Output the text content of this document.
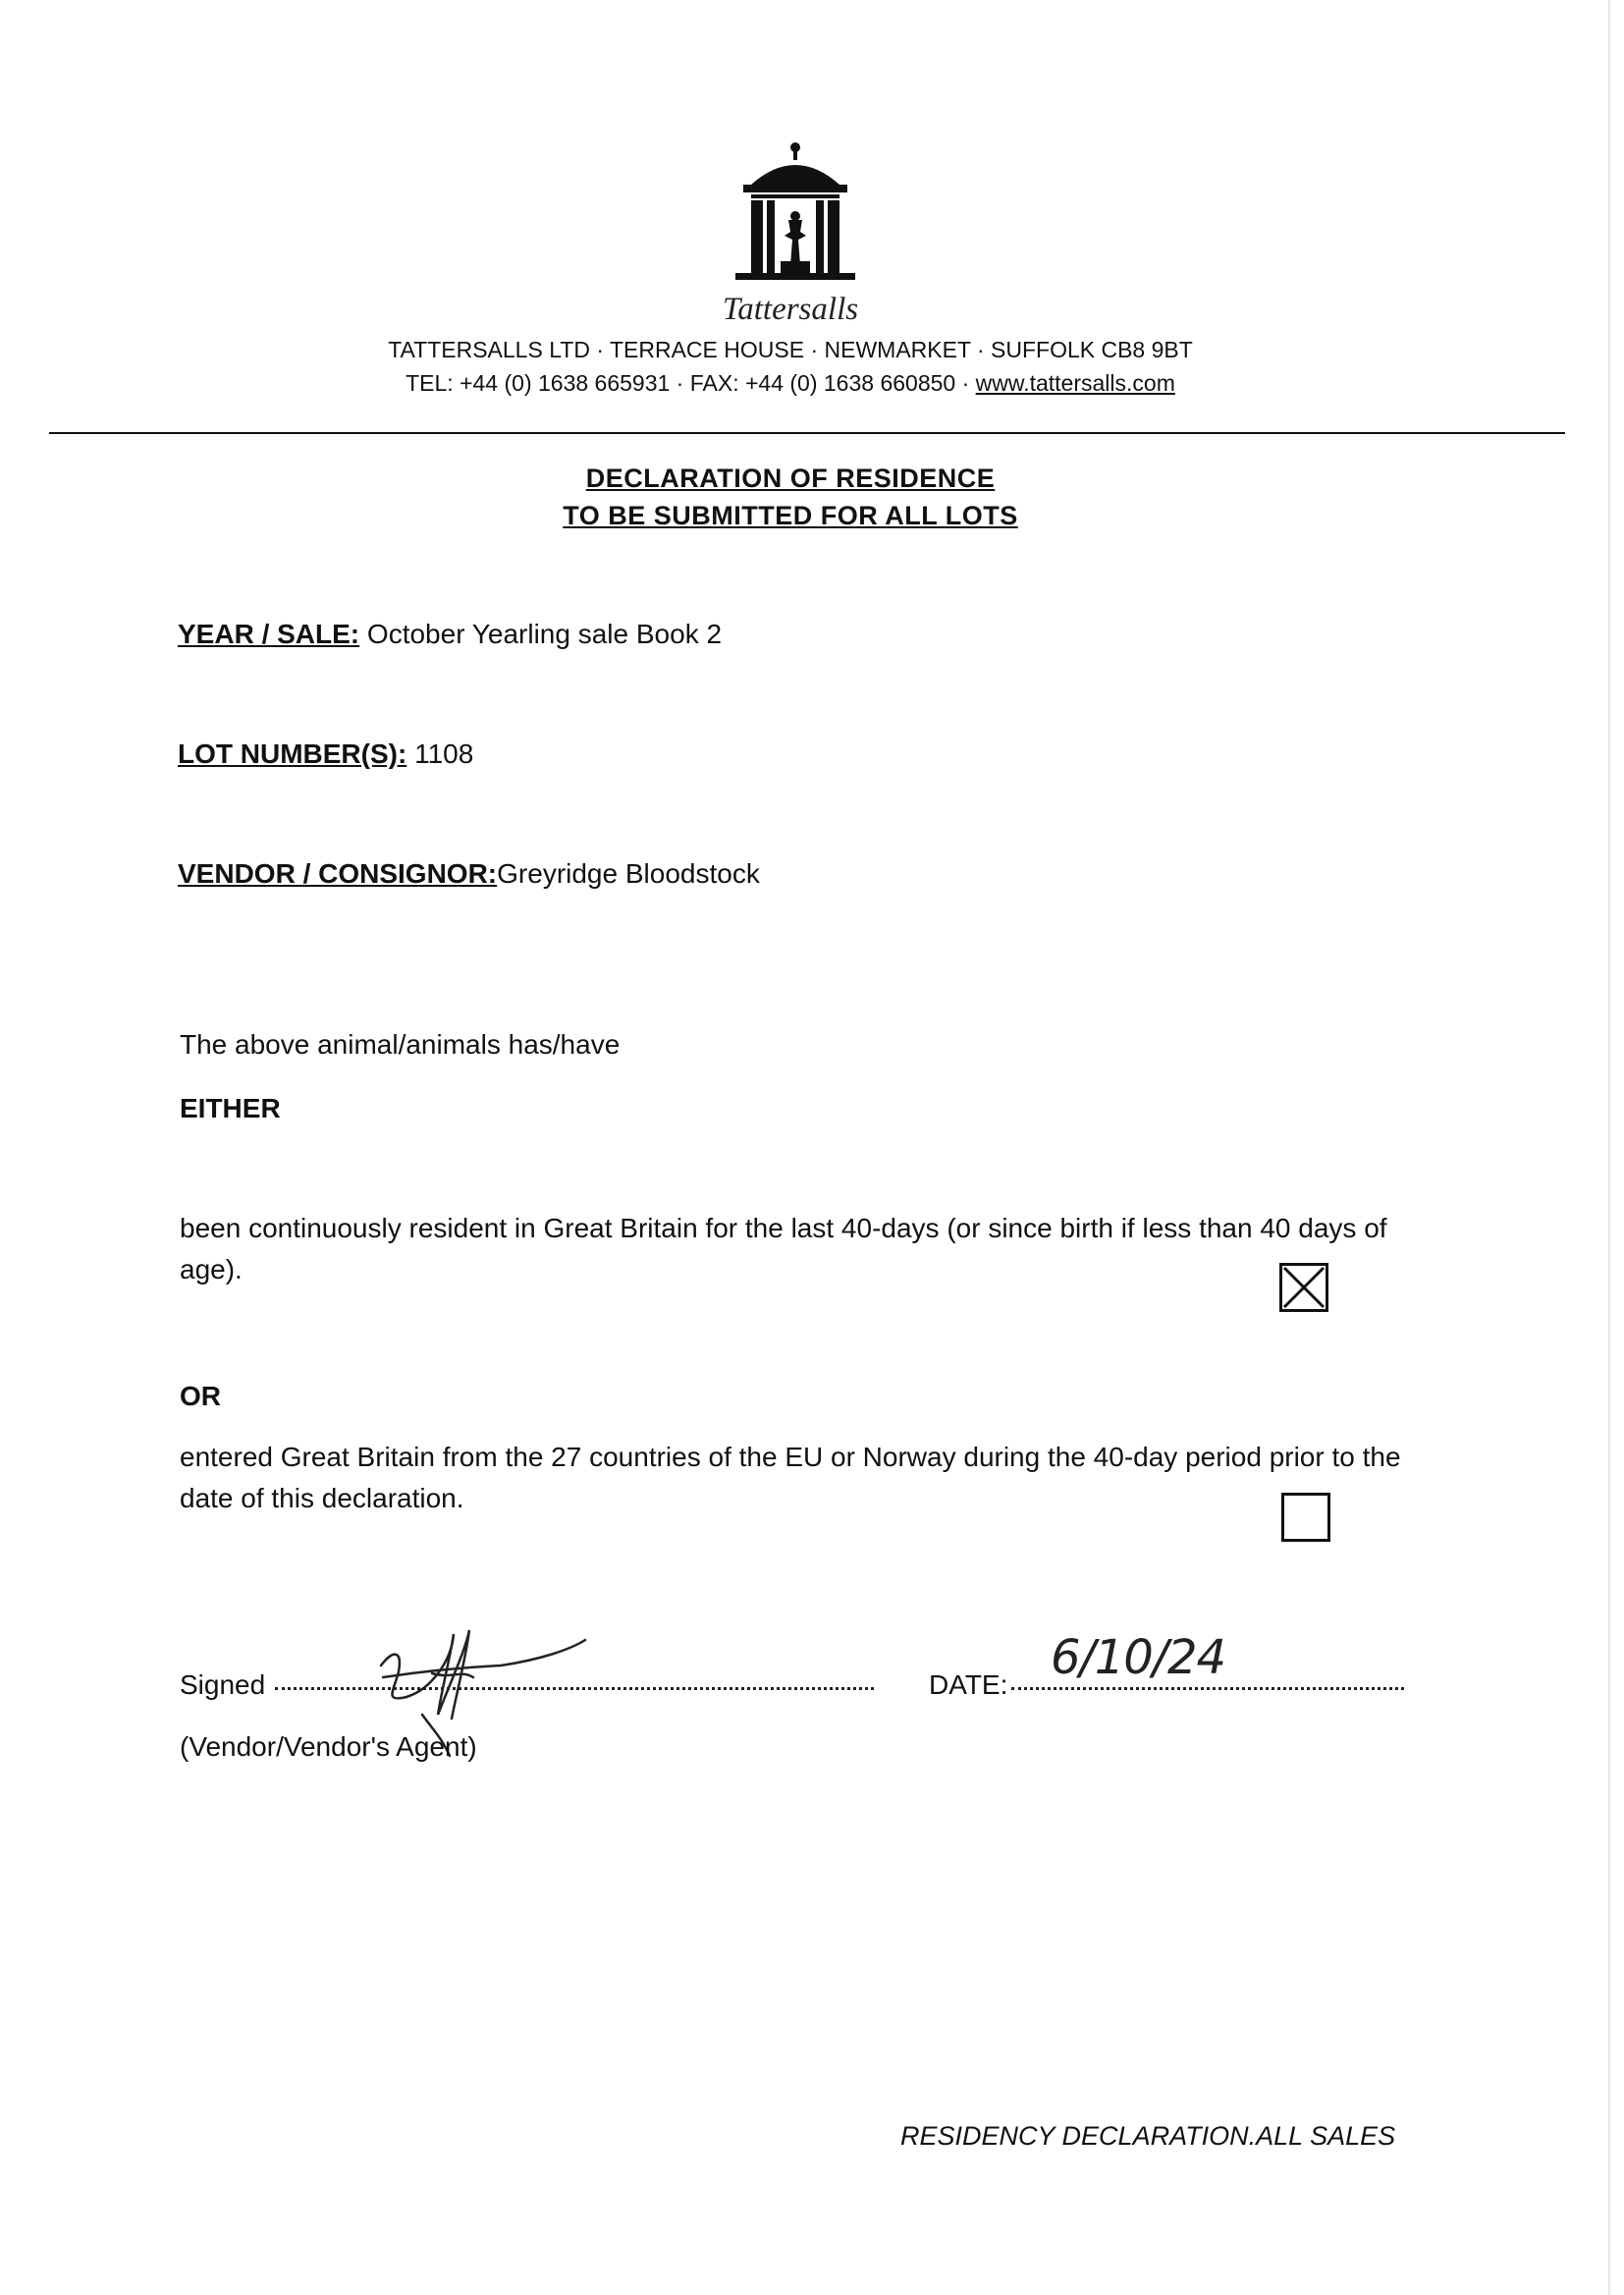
Tattersalls
TATTERSALLS LTD · TERRACE HOUSE · NEWMARKET · SUFFOLK CB8 9BT
TEL: +44 (0) 1638 665931 · FAX: +44 (0) 1638 660850 · www.tattersalls.com
DECLARATION OF RESIDENCE
TO BE SUBMITTED FOR ALL LOTS
YEAR / SALE: October Yearling sale Book 2
LOT NUMBER(S): 1108
VENDOR / CONSIGNOR:Greyridge Bloodstock
The above animal/animals has/have
EITHER
been continuously resident in Great Britain for the last 40-days (or since birth if less than 40 days of age).
OR
entered Great Britain from the 27 countries of the EU or Norway during the 40-day period prior to the date of this declaration.
Signed	DATE: 6/10/24
(Vendor/Vendor's Agent)
RESIDENCY DECLARATION.ALL SALES
